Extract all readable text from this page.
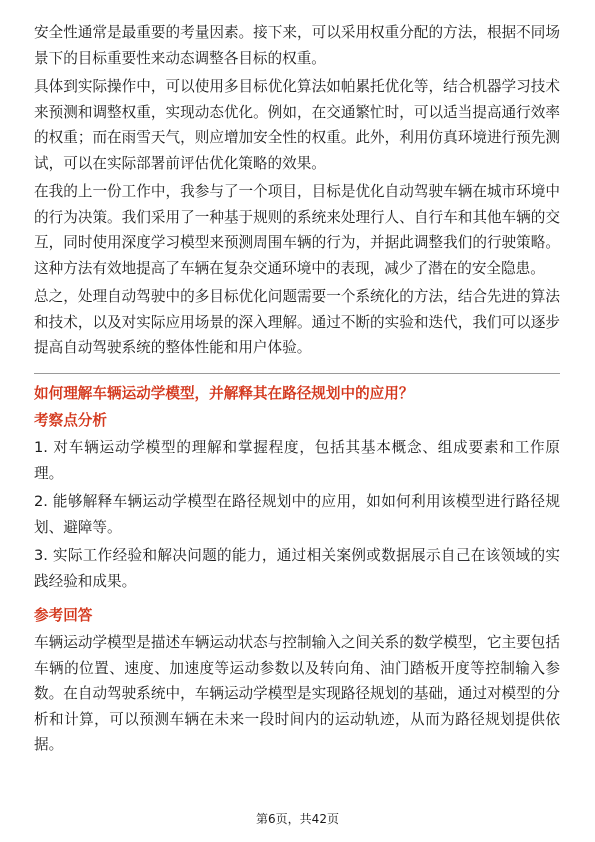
安全性通常是最重要的考量因素。接下来，可以采用权重分配的方法，根据不同场景下的目标重要性来动态调整各目标的权重。

具体到实际操作中，可以使用多目标优化算法如帕累托优化等，结合机器学习技术来预测和调整权重，实现动态优化。例如，在交通繁忙时，可以适当提高通行效率的权重；而在雨雪天气，则应增加安全性的权重。此外，利用仿真环境进行预先测试，可以在实际部署前评估优化策略的效果。

在我的上一份工作中，我参与了一个项目，目标是优化自动驾驶车辆在城市环境中的行为决策。我们采用了一种基于规则的系统来处理行人、自行车和其他车辆的交互，同时使用深度学习模型来预测周围车辆的行为，并据此调整我们的行驶策略。这种方法有效地提高了车辆在复杂交通环境中的表现，减少了潜在的安全隐患。

总之，处理自动驾驶中的多目标优化问题需要一个系统化的方法，结合先进的算法和技术，以及对实际应用场景的深入理解。通过不断的实验和迭代，我们可以逐步提高自动驾驶系统的整体性能和用户体验。

如何理解车辆运动学模型，并解释其在路径规划中的应用？

考察点分析

1. 对车辆运动学模型的理解和掌握程度，包括其基本概念、组成要素和工作原理。

2. 能够解释车辆运动学模型在路径规划中的应用，如如何利用该模型进行路径规划、避障等。

3. 实际工作经验和解决问题的能力，通过相关案例或数据展示自己在该领域的实践经验和成果。

参考回答

车辆运动学模型是描述车辆运动状态与控制输入之间关系的数学模型，它主要包括车辆的位置、速度、加速度等运动参数以及转向角、油门踏板开度等控制输入参数。在自动驾驶系统中，车辆运动学模型是实现路径规划的基础，通过对模型的分析和计算，可以预测车辆在未来一段时间内的运动轨迹，从而为路径规划提供依据。

第6页，共42页
